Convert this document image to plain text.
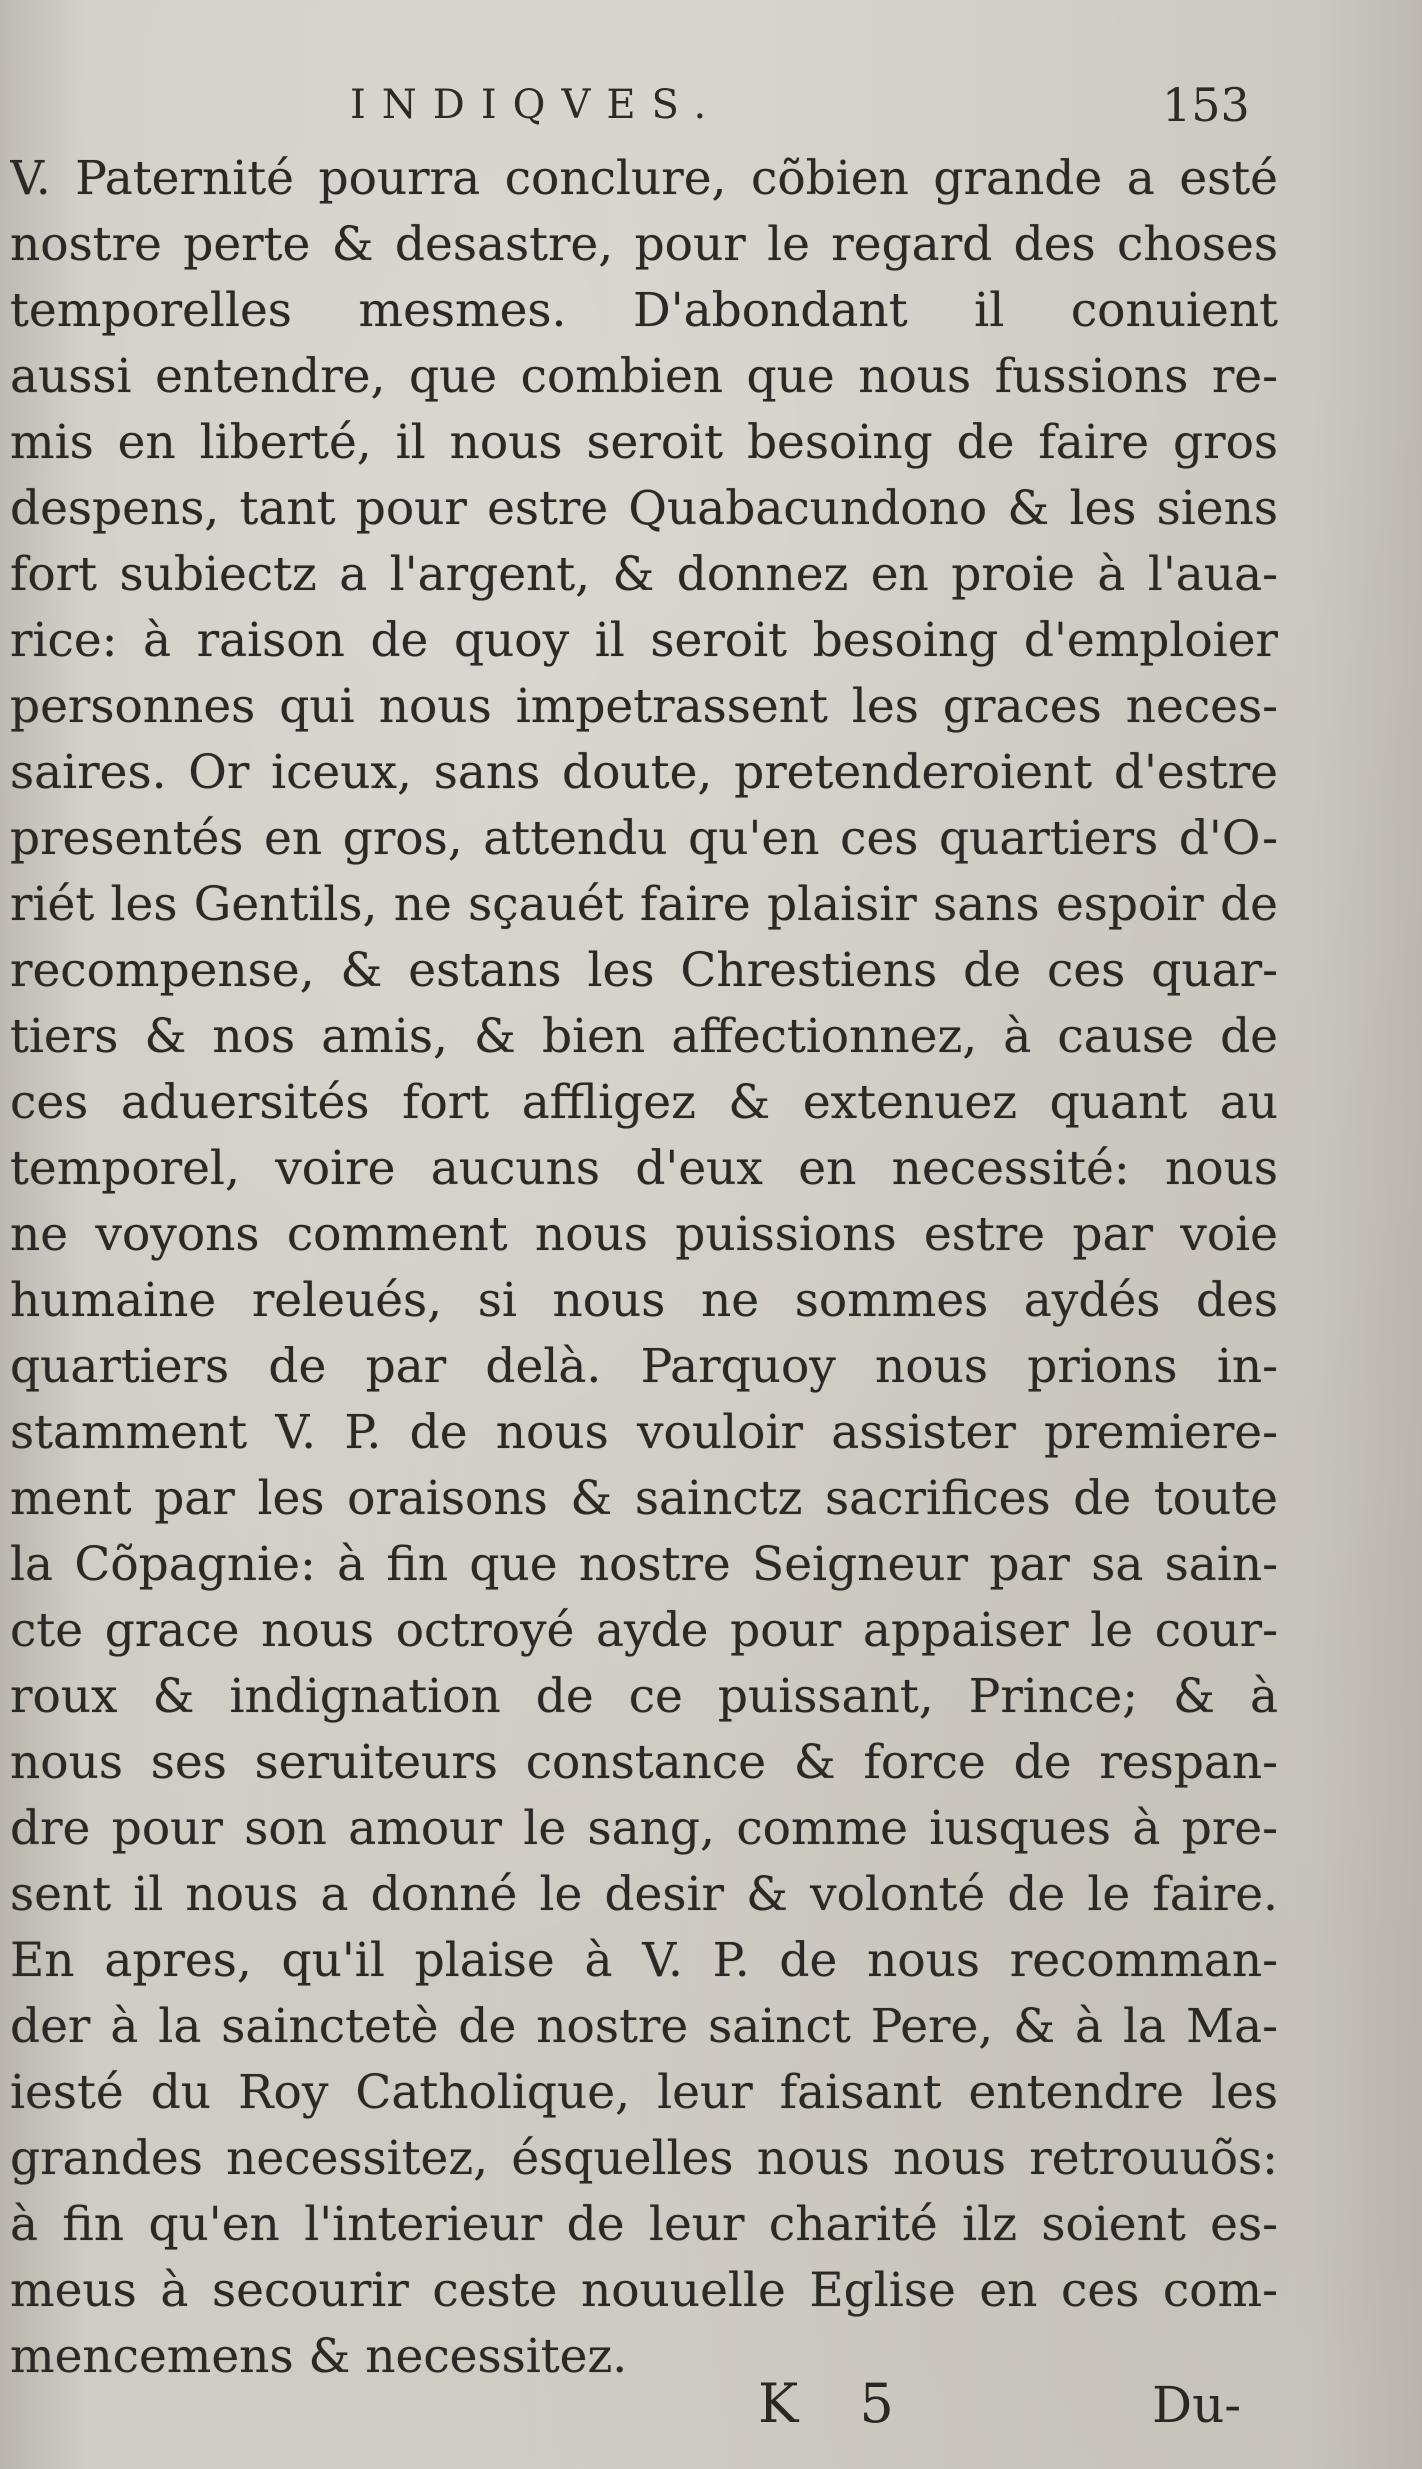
INDIQVES.	153
V. Paternité pourra conclure, cõbien grande a esté
nostre perte & desastre, pour le regard des choses
temporelles mesmes. D'abondant il conuient
aussi entendre, que combien que nous fussions re-
mis en liberté, il nous seroit besoing de faire gros
despens, tant pour estre Quabacundono & les siens
fort subiectz a l'argent, & donnez en proie à l'aua-
rice: à raison de quoy il seroit besoing d'emploier
personnes qui nous impetrassent les graces neces-
saires. Or iceux, sans doute, pretenderoient d'estre
presentés en gros, attendu qu'en ces quartiers d'O-
riét les Gentils, ne sçauét faire plaisir sans espoir de
recompense, & estans les Chrestiens de ces quar-
tiers & nos amis, & bien affectionnez, à cause de
ces aduersités fort affligez & extenuez quant au
temporel, voire aucuns d'eux en necessité: nous
ne voyons comment nous puissions estre par voie
humaine releués, si nous ne sommes aydés des
quartiers de par delà. Parquoy nous prions in-
stamment V. P. de nous vouloir assister premiere-
ment par les oraisons & sainctz sacrifices de toute
la Cõpagnie: à fin que nostre Seigneur par sa sain-
cte grace nous octroyé ayde pour appaiser le cour-
roux & indignation de ce puissant, Prince; & à
nous ses seruiteurs constance & force de respan-
dre pour son amour le sang, comme iusques à pre-
sent il nous a donné le desir & volonté de le faire.
En apres, qu'il plaise à V. P. de nous recomman-
der à la sainctetè de nostre sainct Pere, & à la Ma-
iesté du Roy Catholique, leur faisant entendre les
grandes necessitez, ésquelles nous nous retrouuõs:
à fin qu'en l'interieur de leur charité ilz soient es-
meus à secourir ceste nouuelle Eglise en ces com-
mencemens & necessitez.
K 5	Du-
